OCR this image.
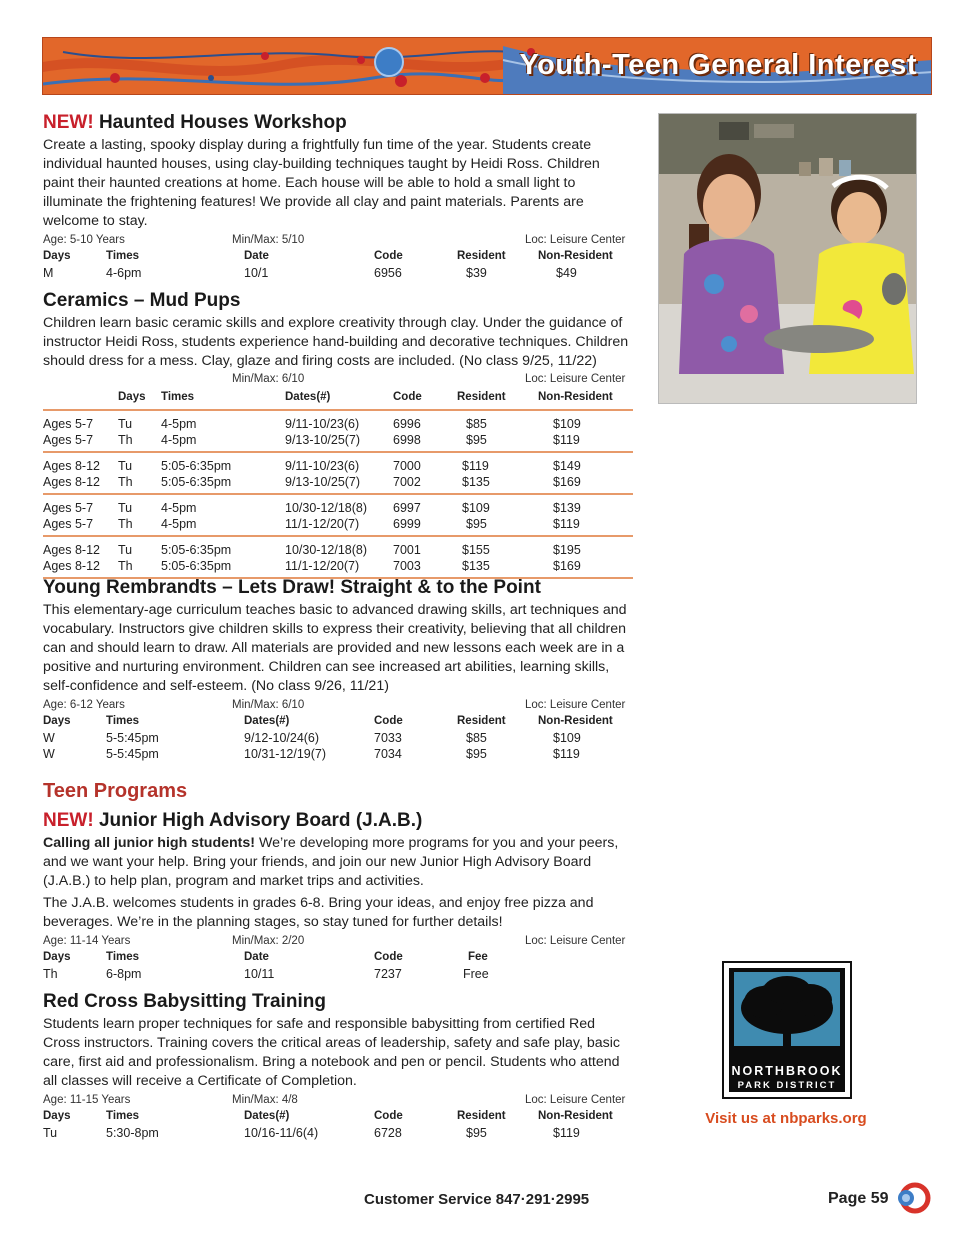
Youth-Teen General Interest
NEW! Haunted Houses Workshop
Create a lasting, spooky display during a frightfully fun time of the year. Students create individual haunted houses, using clay-building techniques taught by Heidi Ross. Children paint their haunted creations at home. Each house will be able to hold a small light to illuminate the frightening features! We provide all clay and paint materials. Parents are welcome to stay.
Age: 5-10 Years	Min/Max: 5/10	Loc: Leisure Center
Days	Times	Date	Code	Resident	Non-Resident
M	4-6pm	10/1	6956	$39	$49
Ceramics – Mud Pups
Children learn basic ceramic skills and explore creativity through clay. Under the guidance of instructor Heidi Ross, students experience hand-building and decorative techniques. Children should dress for a mess. Clay, glaze and firing costs are included. (No class 9/25, 11/22)
Min/Max: 6/10	Loc: Leisure Center
Days Times	Dates(#)	Code	Resident	Non-Resident
Ages 5-7 Tu 4-5pm	9/11-10/23(6)	6996	$85	$109
Ages 5-7 Th 4-5pm	9/13-10/25(7)	6998	$95	$119
Ages 8-12 Tu 5:05-6:35pm	9/11-10/23(6)	7000	$119	$149
Ages 8-12 Th 5:05-6:35pm	9/13-10/25(7)	7002	$135	$169
Ages 5-7 Tu 4-5pm	10/30-12/18(8) 6997	$109	$139
Ages 5-7 Th 4-5pm	11/1-12/20(7)	6999	$95	$119
Ages 8-12 Tu 5:05-6:35pm	10/30-12/18(8) 7001	$155	$195
Ages 8-12 Th 5:05-6:35pm	11/1-12/20(7)	7003	$135	$169
Young Rembrandts – Lets Draw! Straight & to the Point
This elementary-age curriculum teaches basic to advanced drawing skills, art techniques and vocabulary. Instructors give children skills to express their creativity, believing that all children can and should learn to draw. All materials are provided and new lessons each week are in a positive and nurturing environment. Children can see increased art abilities, learning skills, self-confidence and self-esteem. (No class 9/26, 11/21)
Age: 6-12 Years	Min/Max: 6/10	Loc: Leisure Center
Days	Times	Dates(#)	Code	Resident	Non-Resident
W	5-5:45pm	9/12-10/24(6)	7033	$85	$109
W	5-5:45pm	10/31-12/19(7)	7034	$95	$119
Teen Programs
NEW! Junior High Advisory Board (J.A.B.)
Calling all junior high students! We’re developing more programs for you and your peers, and we want your help. Bring your friends, and join our new Junior High Advisory Board (J.A.B.) to help plan, program and market trips and activities.
The J.A.B. welcomes students in grades 6-8. Bring your ideas, and enjoy free pizza and beverages. We’re in the planning stages, so stay tuned for further details!
Age: 11-14 Years	Min/Max: 2/20	Loc: Leisure Center
Days	Times	Date	Code	Fee
Th	6-8pm	10/11	7237	Free
Red Cross Babysitting Training
Students learn proper techniques for safe and responsible babysitting from certified Red Cross instructors. Training covers the critical areas of leadership, safety and safe play, basic care, first aid and professionalism. Bring a notebook and pen or pencil. Students who attend all classes will receive a Certificate of Completion.
Age: 11-15 Years	Min/Max: 4/8	Loc: Leisure Center
Days	Times	Dates(#)	Code	Resident	Non-Resident
Tu	5:30-8pm	10/16-11/6(4)	6728	$95	$119
NORTHBROOK
PARK DISTRICT
Visit us at nbparks.org
Customer Service 847·291·2995	Page 59
